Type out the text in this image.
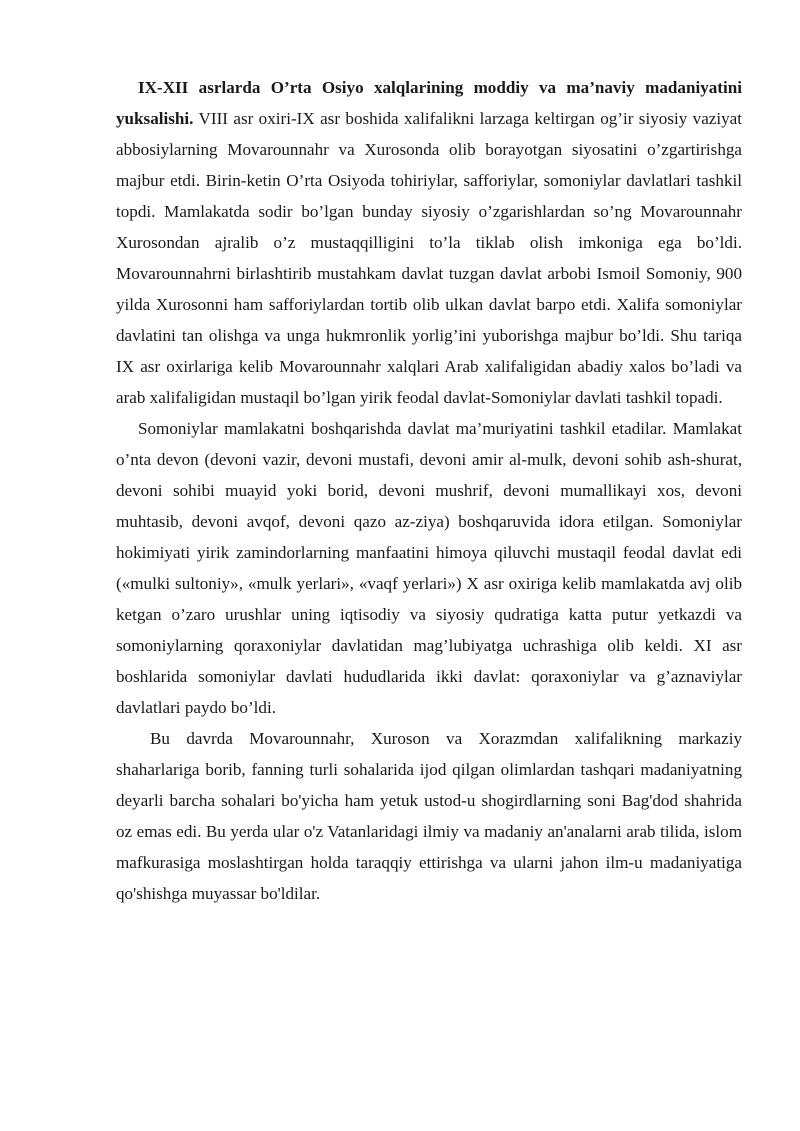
IX-XII asrlarda O’rta Osiyo xalqlarining moddiy va ma’naviy madaniyatini yuksalishi. VIII asr oxiri-IX asr boshida xalifalikni larzaga keltirgan og’ir siyosiy vaziyat abbosiylarning Movarounnahr va Xurosonda olib borayotgan siyosatini o’zgartirishga majbur etdi. Birin-ketin O’rta Osiyoda tohiriylar, safforiylar, somoniylar davlatlari tashkil topdi. Mamlakatda sodir bo’lgan bunday siyosiy o’zgarishlardan so’ng Movarounnahr Xurosondan ajralib o’z mustaqqilligini to’la tiklab olish imkoniga ega bo’ldi. Movarounnahrni birlashtirib mustahkam davlat tuzgan davlat arbobi Ismoil Somoniy, 900 yilda Xurosonni ham safforiylardan tortib olib ulkan davlat barpo etdi. Xalifa somoniylar davlatini tan olishga va unga hukmronlik yorlig’ini yuborishga majbur bo’ldi. Shu tariqa IX asr oxirlariga kelib Movarounnahr xalqlari Arab xalifaligidan abadiy xalos bo’ladi va arab xalifaligidan mustaqil bo’lgan yirik feodal davlat-Somoniylar davlati tashkil topadi.

Somoniylar mamlakatni boshqarishda davlat ma’muriyatini tashkil etadilar. Mamlakat o’nta devon (devoni vazir, devoni mustafi, devoni amir al-mulk, devoni sohib ash-shurat, devoni sohibi muayid yoki borid, devoni mushrif, devoni mumallikayi xos, devoni muhtasib, devoni avqof, devoni qazo az-ziya) boshqaruvida idora etilgan. Somoniylar hokimiyati yirik zamindorlarning manfaatini himoya qiluvchi mustaqil feodal davlat edi («mulki sultoniy», «mulk yerlari», «vaqf yerlari») X asr oxiriga kelib mamlakatda avj olib ketgan o’zaro urushlar uning iqtisodiy va siyosiy qudratiga katta putur yetkazdi va somoniylarning qoraxoniylar davlatidan mag’lubiyatga uchrashiga olib keldi. XI asr boshlarida somoniylar davlati hududlarida ikki davlat: qoraxoniylar va g’aznaviylar davlatlari paydo bo’ldi.

Bu davrda Movarounnahr, Xuroson va Xorazmdan xalifalikning markaziy shaharlariga borib, fanning turli sohalarida ijod qilgan olimlardan tashqari madaniyatning deyarli barcha sohalari bo'yicha ham yetuk ustod-u shogirdlarning soni Bag'dod shahrida oz emas edi. Bu yerda ular o'z Vatanlaridagi ilmiy va madaniy an'analarni arab tilida, islom mafkurasiga moslashtirgan holda taraqqiy ettirishga va ularni jahon ilm-u madaniyatiga qo'shishga muyassar bo'ldilar.
